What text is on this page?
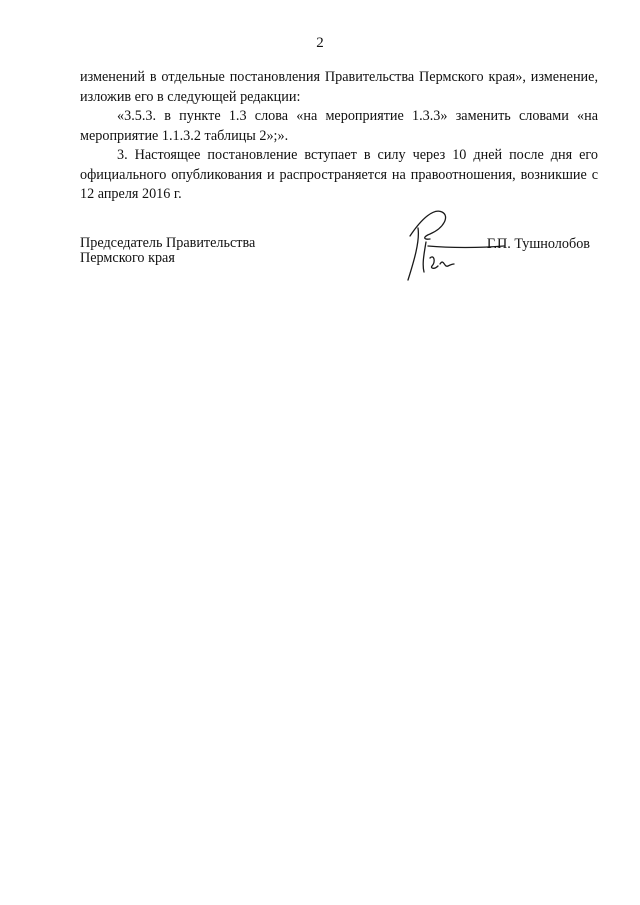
2

изменений в отдельные постановления Правительства Пермского края», изменение, изложив его в следующей редакции:

«3.5.3. в пункте 1.3 слова «на мероприятие 1.3.3» заменить словами «на мероприятие 1.1.3.2 таблицы 2»;».

3. Настоящее постановление вступает в силу через 10 дней после дня его официального опубликования и распространяется на правоотношения, возникшие с 12 апреля 2016 г.

Председатель Правительства
Пермского края
Г.П. Тушнолобов
